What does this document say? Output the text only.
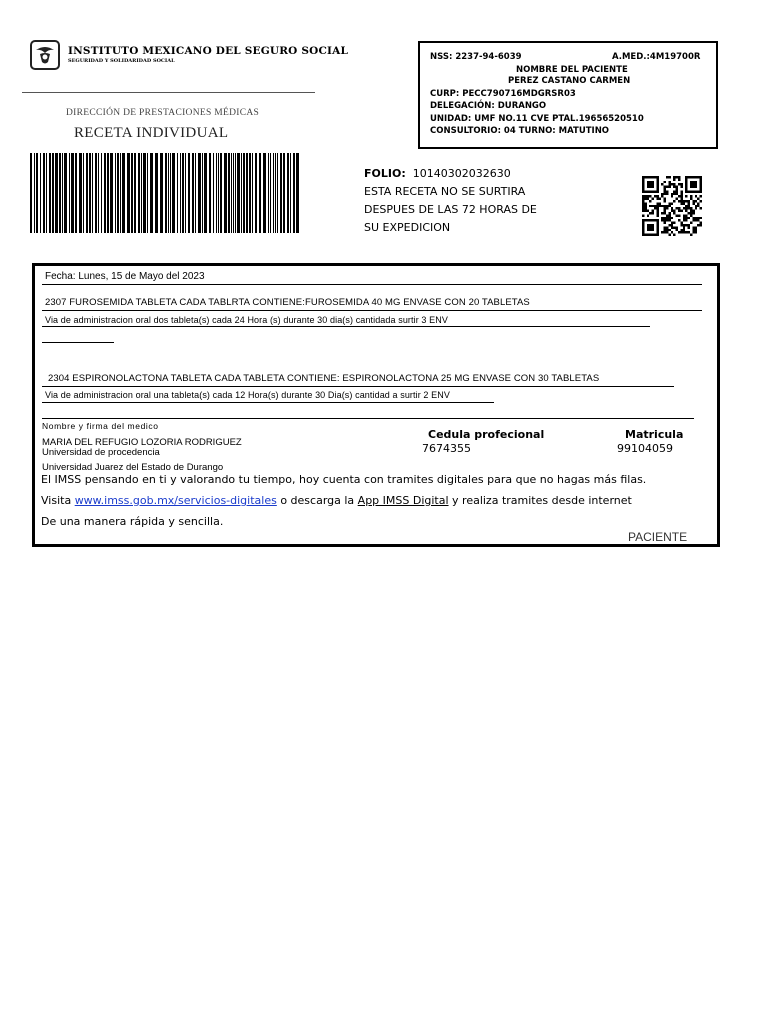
INSTITUTO MEXICANO DEL SEGURO SOCIAL
SEGURIDAD Y SOLIDARIDAD SOCIAL
DIRECCIÓN DE PRESTACIONES MÉDICAS
RECETA INDIVIDUAL
NSS: 2237-94-6039	A.MED.:4M19700R
NOMBRE DEL PACIENTE
PEREZ CASTANO CARMEN
CURP: PECC790716MDGRSR03
DELEGACIÓN: DURANGO
UNIDAD: UMF NO.11 CVE PTAL.19656520510
CONSULTORIO: 04 TURNO: MATUTINO
FOLIO: 10140302032630
ESTA RECETA NO SE SURTIRA
DESPUES DE LAS 72 HORAS DE
SU EXPEDICION
Fecha: Lunes, 15 de Mayo del 2023
2307 FUROSEMIDA TABLETA CADA TABLRTA CONTIENE:FUROSEMIDA 40 MG ENVASE CON 20 TABLETAS
Via de administracion oral dos tableta(s) cada 24 Hora (s) durante 30 dia(s) cantidada surtir 3 ENV
2304 ESPIRONOLACTONA TABLETA CADA TABLETA CONTIENE: ESPIRONOLACTONA 25 MG ENVASE CON 30 TABLETAS
Via de administracion oral una tableta(s) cada 12 Hora(s) durante 30 Dia(s) cantidad a surtir 2 ENV
Nombre y firma del medico
MARIA DEL REFUGIO LOZORIA RODRIGUEZ
Universidad de procedencia
Universidad Juarez del Estado de Durango
Cedula profecional
7674355
Matricula
99104059
El IMSS pensando en ti y valorando tu tiempo, hoy cuenta con tramites digitales para que no hagas más filas.
Visita www.imss.gob.mx/servicios-digitales o descarga la App IMSS Digital y realiza tramites desde internet
De una manera rápida y sencilla.
PACIENTE
